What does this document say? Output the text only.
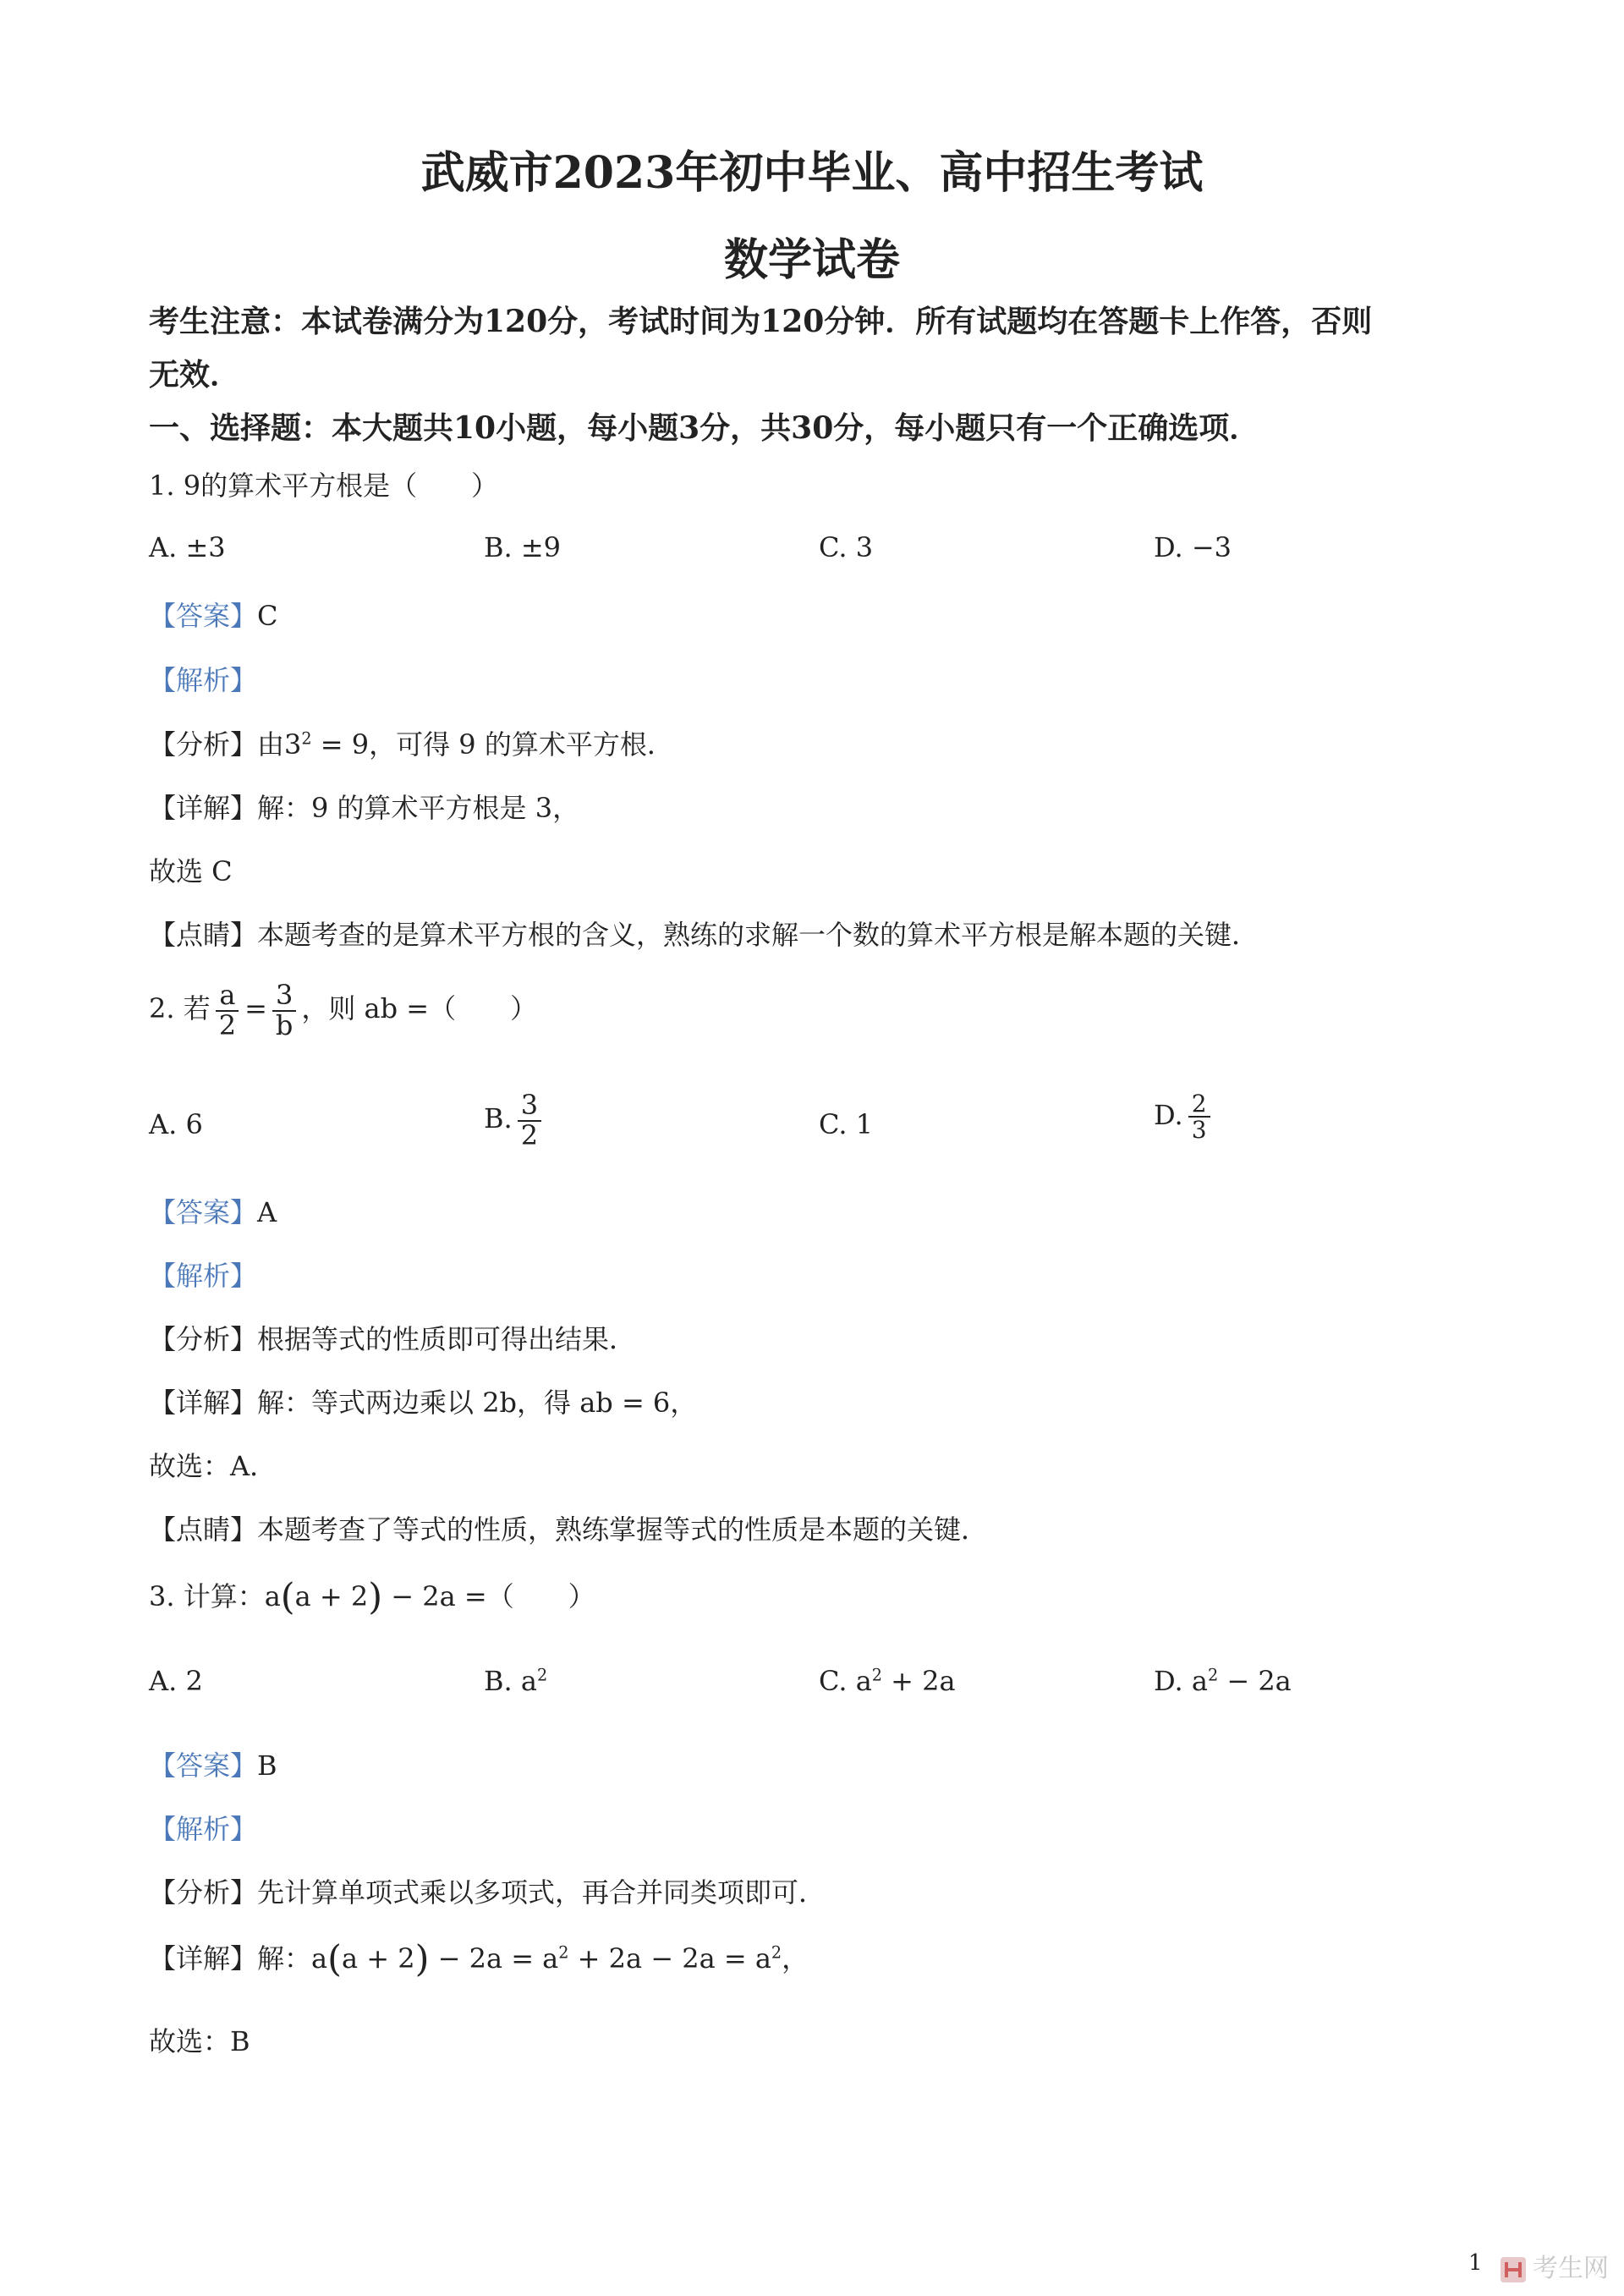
武威市2023年初中毕业、高中招生考试
数学试卷
考生注意：本试卷满分为120分，考试时间为120分钟．所有试题均在答题卡上作答，否则
无效．
一、选择题：本大题共10小题，每小题3分，共30分，每小题只有一个正确选项．
1. 9的算术平方根是（　　）
A. ±3	B. ±9	C. 3	D. −3
【答案】C
【解析】
【分析】由$3^2 = 9$，可得 9 的算术平方根．
【详解】解：9 的算术平方根是 3，
故选 C
【点睛】本题考查的是算术平方根的含义，熟练的求解一个数的算术平方根是解本题的关键．
2. 若 $\frac{a}{2} = \frac{3}{b}$ ，则 ab =（　　）
A. 6	B. $\frac{3}{2}$	C. 1	D. $\frac{2}{3}$
【答案】A
【解析】
【分析】根据等式的性质即可得出结果．
【详解】解：等式两边乘以 2b，得 ab = 6，
故选：A．
【点睛】本题考查了等式的性质，熟练掌握等式的性质是本题的关键．
3. 计算：a(a + 2) − 2a =（　　）
A. 2	B. $a^2$	C. $a^2 + 2a$	D. $a^2 - 2a$
【答案】B
【解析】
【分析】先计算单项式乘以多项式，再合并同类项即可．
【详解】解：$a(a + 2) - 2a = a^2 + 2a - 2a = a^2$，
故选：B
1	考生网
